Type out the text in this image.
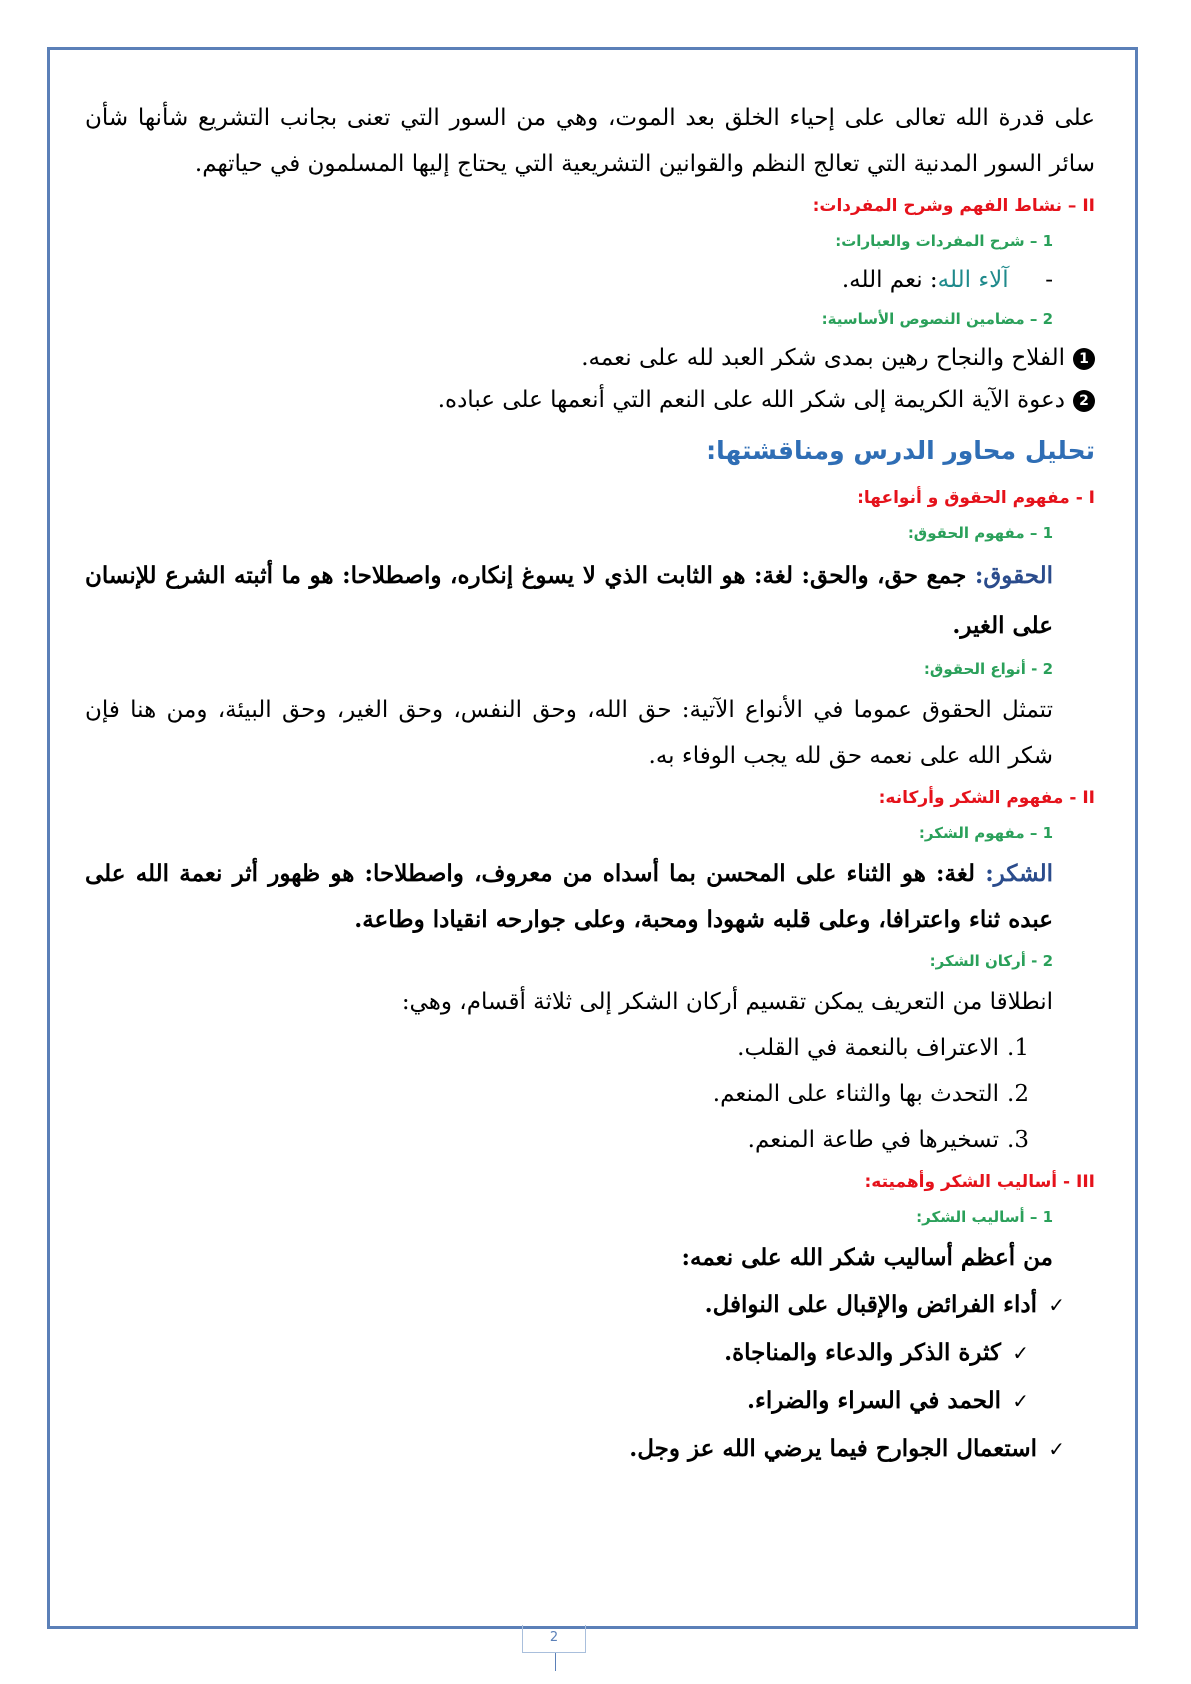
على قدرة الله تعالى على إحياء الخلق بعد الموت، وهي من السور التي تعنى بجانب التشريع شأنها شأن سائر السور المدنية التي تعالج النظم والقوانين التشريعية التي يحتاج إليها المسلمون في حياتهم.

II – نشاط الفهم وشرح المفردات:
1 – شرح المفردات والعبارات:
-     آلاء الله: نعم الله.
2 – مضامين النصوص الأساسية:
1الفلاح والنجاح رهين بمدى شكر العبد لله على نعمه.
2دعوة الآية الكريمة إلى شكر الله على النعم التي أنعمها على عباده.
تحليل محاور الدرس ومناقشتها:
I - مفهوم الحقوق و أنواعها:
1 – مفهوم الحقوق:

الحقوق: جمع حق، والحق: لغة: هو الثابت الذي لا يسوغ إنكاره، واصطلاحا: هو ما أثبته الشرع للإنسان على الغير.

2 - أنواع الحقوق:

تتمثل الحقوق عموما في الأنواع الآتية: حق الله، وحق النفس، وحق الغير، وحق البيئة، ومن هنا فإن شكر الله على نعمه حق لله يجب الوفاء به.

II - مفهوم الشكر وأركانه:
1 – مفهوم الشكر:

الشكر: لغة: هو الثناء على المحسن بما أسداه من معروف، واصطلاحا: هو ظهور أثر نعمة الله على عبده ثناء واعترافا، وعلى قلبه شهودا ومحبة، وعلى جوارحه انقيادا وطاعة.

2 - أركان الشكر:

انطلاقا من التعريف يمكن تقسيم أركان الشكر إلى ثلاثة أقسام، وهي:

1.الاعتراف بالنعمة في القلب.
2.التحدث بها والثناء على المنعم.
3.تسخيرها في طاعة المنعم.
III - أساليب الشكر وأهميته:
1 – أساليب الشكر:

من أعظم أساليب شكر الله على نعمه:

✓أداء الفرائض والإقبال على النوافل.
✓كثرة الذكر والدعاء والمناجاة.
✓الحمد في السراء والضراء.
✓استعمال الجوارح فيما يرضي الله عز وجل.
2
